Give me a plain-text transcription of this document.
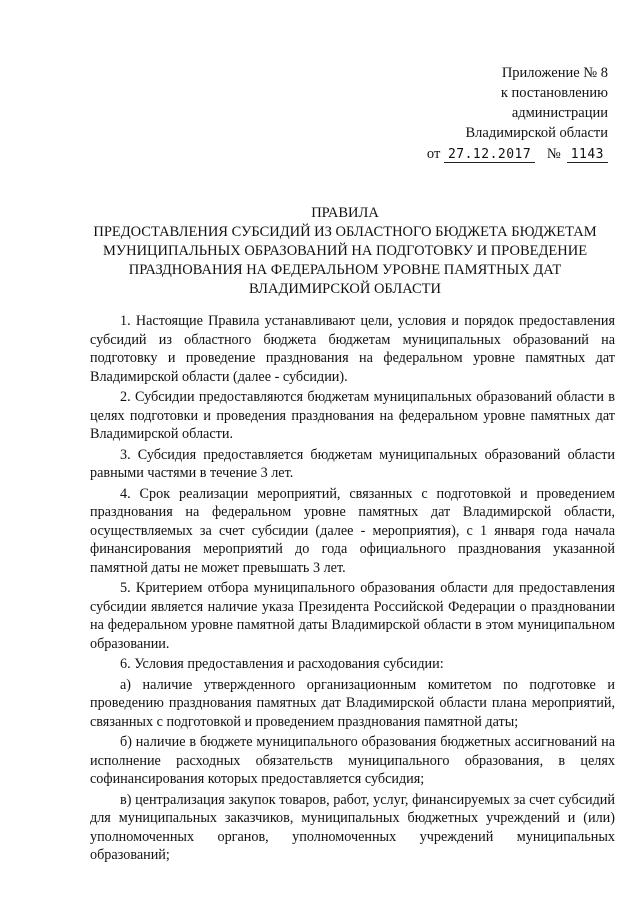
Приложение № 8
к постановлению
администрации
Владимирской области
от 27.12.2017 № 1143
ПРАВИЛА
ПРЕДОСТАВЛЕНИЯ СУБСИДИЙ ИЗ ОБЛАСТНОГО БЮДЖЕТА БЮДЖЕТАМ
МУНИЦИПАЛЬНЫХ ОБРАЗОВАНИЙ НА ПОДГОТОВКУ И ПРОВЕДЕНИЕ
ПРАЗДНОВАНИЯ НА ФЕДЕРАЛЬНОМ УРОВНЕ ПАМЯТНЫХ ДАТ
ВЛАДИМИРСКОЙ ОБЛАСТИ

1. Настоящие Правила устанавливают цели, условия и порядок предоставления субсидий из областного бюджета бюджетам муниципальных образований на подготовку и проведение празднования на федеральном уровне памятных дат Владимирской области (далее - субсидии).

2. Субсидии предоставляются бюджетам муниципальных образований области в целях подготовки и проведения празднования на федеральном уровне памятных дат Владимирской области.

3. Субсидия предоставляется бюджетам муниципальных образований области равными частями в течение 3 лет.

4. Срок реализации мероприятий, связанных с подготовкой и проведением празднования на федеральном уровне памятных дат Владимирской области, осуществляемых за счет субсидии (далее - мероприятия), с 1 января года начала финансирования мероприятий до года официального празднования указанной памятной даты не может превышать 3 лет.

5. Критерием отбора муниципального образования области для предоставления субсидии является наличие указа Президента Российской Федерации о праздновании на федеральном уровне памятной даты Владимирской области в этом муниципальном образовании.

6. Условия предоставления и расходования субсидии:

а) наличие утвержденного организационным комитетом по подготовке и проведению празднования памятных дат Владимирской области плана мероприятий, связанных с подготовкой и проведением празднования памятной даты;

б) наличие в бюджете муниципального образования бюджетных ассигнований на исполнение расходных обязательств муниципального образования, в целях софинансирования которых предоставляется субсидия;

в) централизация закупок товаров, работ, услуг, финансируемых за счет субсидий для муниципальных заказчиков, муниципальных бюджетных учреждений и (или) уполномоченных органов, уполномоченных учреждений муниципальных образований;
